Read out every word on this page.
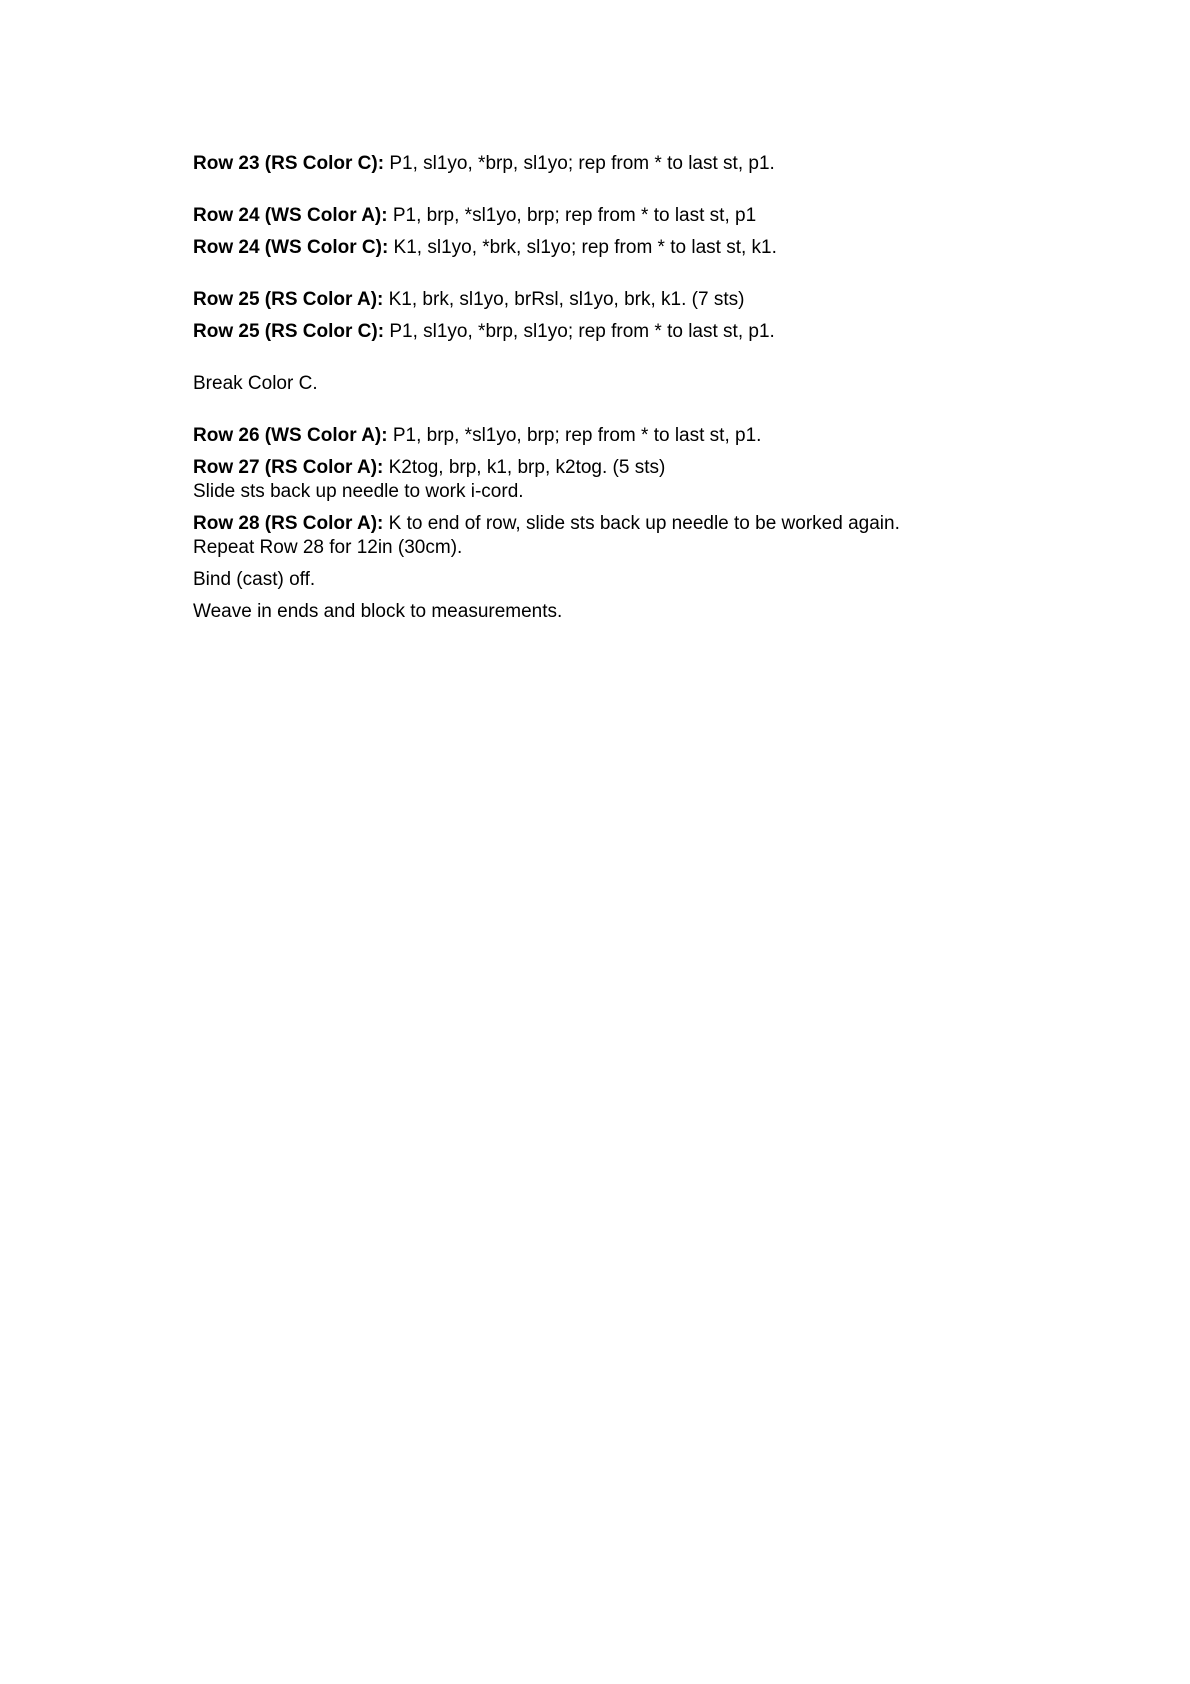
Row 23 (RS Color C): P1, sl1yo, *brp, sl1yo; rep from * to last st, p1.
Row 24 (WS Color A): P1, brp, *sl1yo, brp; rep from * to last st, p1
Row 24 (WS Color C): K1, sl1yo, *brk, sl1yo; rep from * to last st, k1.
Row 25 (RS Color A): K1, brk, sl1yo, brRsl, sl1yo, brk, k1. (7 sts)
Row 25 (RS Color C): P1, sl1yo, *brp, sl1yo; rep from * to last st, p1.
Break Color C.
Row 26 (WS Color A): P1, brp, *sl1yo, brp; rep from * to last st, p1.
Row 27 (RS Color A): K2tog, brp, k1, brp, k2tog. (5 sts)
Slide sts back up needle to work i-cord.
Row 28 (RS Color A): K to end of row, slide sts back up needle to be worked again.
Repeat Row 28 for 12in (30cm).
Bind (cast) off.
Weave in ends and block to measurements.
